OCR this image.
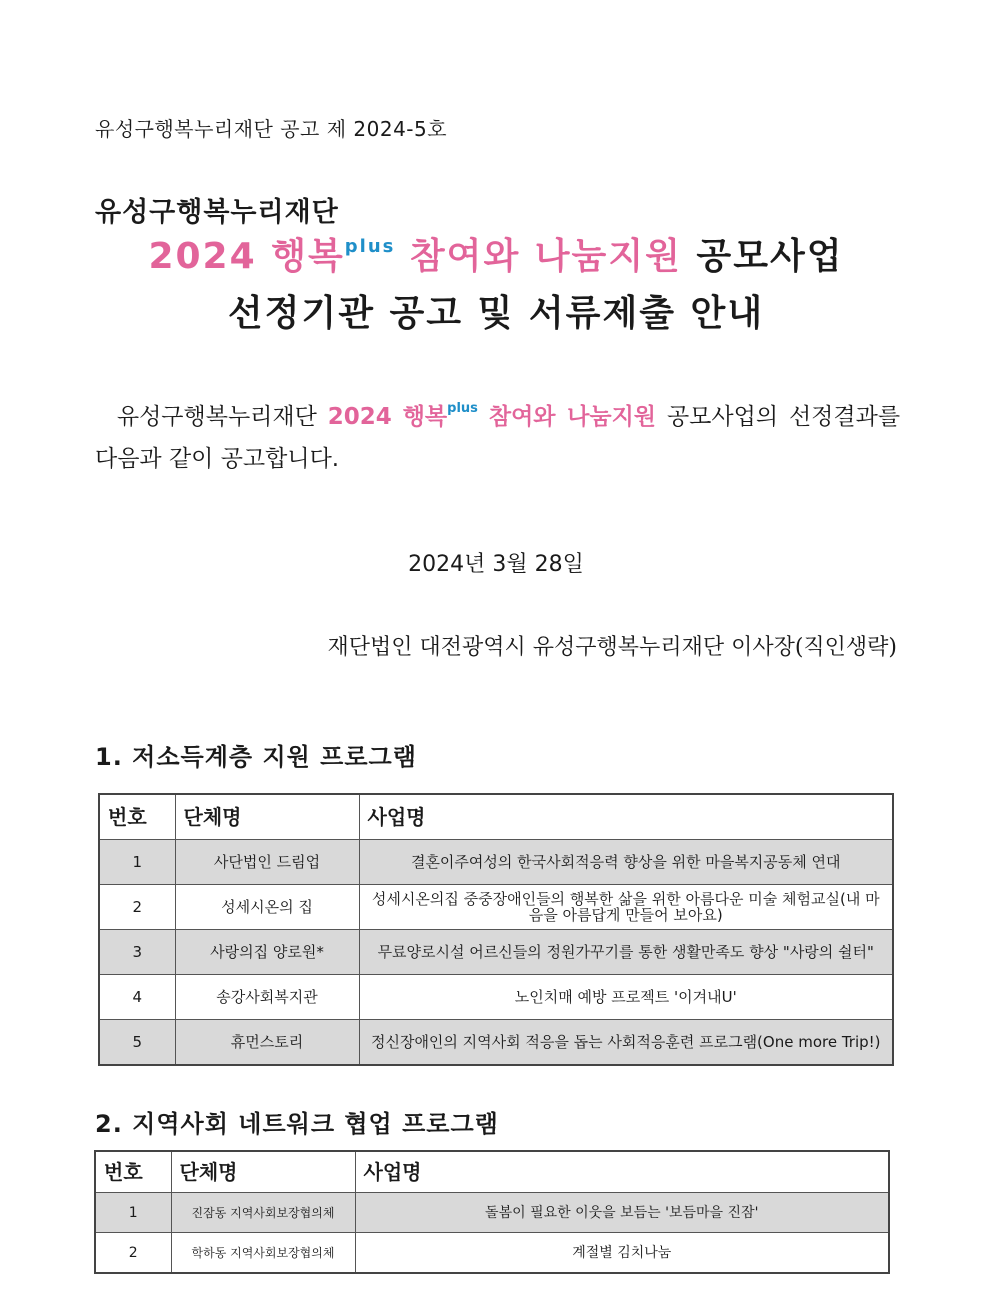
유성구행복누리재단 공고 제 2024-5호
유성구행복누리재단
2024 행복$^{plus}$ 참여와 나눔지원 공모사업
선정기관 공고 및 서류제출 안내
유성구행복누리재단 2024 행복$^{plus}$ 참여와 나눔지원 공모사업의 선정결과를 다음과 같이 공고합니다.
2024년 3월 28일
재단법인 대전광역시 유성구행복누리재단 이사장(직인생략)
1. 저소득계층 지원 프로그램
번호	단체명	사업명
1	사단법인 드림업	결혼이주여성의 한국사회적응력 향상을 위한 마을복지공동체 연대
2	성세시온의 집	성세시온의집 중중장애인들의 행복한 삶을 위한 아름다운 미술 체험교실(내 마음을 아름답게 만들어 보아요)
3	사랑의집 양로원*	무료양로시설 어르신들의 정원가꾸기를 통한 생활만족도 향상 "사랑의 쉴터"
4	송강사회복지관	노인치매 예방 프로젝트 '이겨내U'
5	휴먼스토리	정신장애인의 지역사회 적응을 돕는 사회적응훈련 프로그램(One more Trip!)
2. 지역사회 네트워크 협업 프로그램
번호	단체명	사업명
1	진잠동 지역사회보장협의체	돌봄이 필요한 이웃을 보듬는 '보듬마을 진잠'
2	학하동 지역사회보장협의체	계절별 김치나눔
